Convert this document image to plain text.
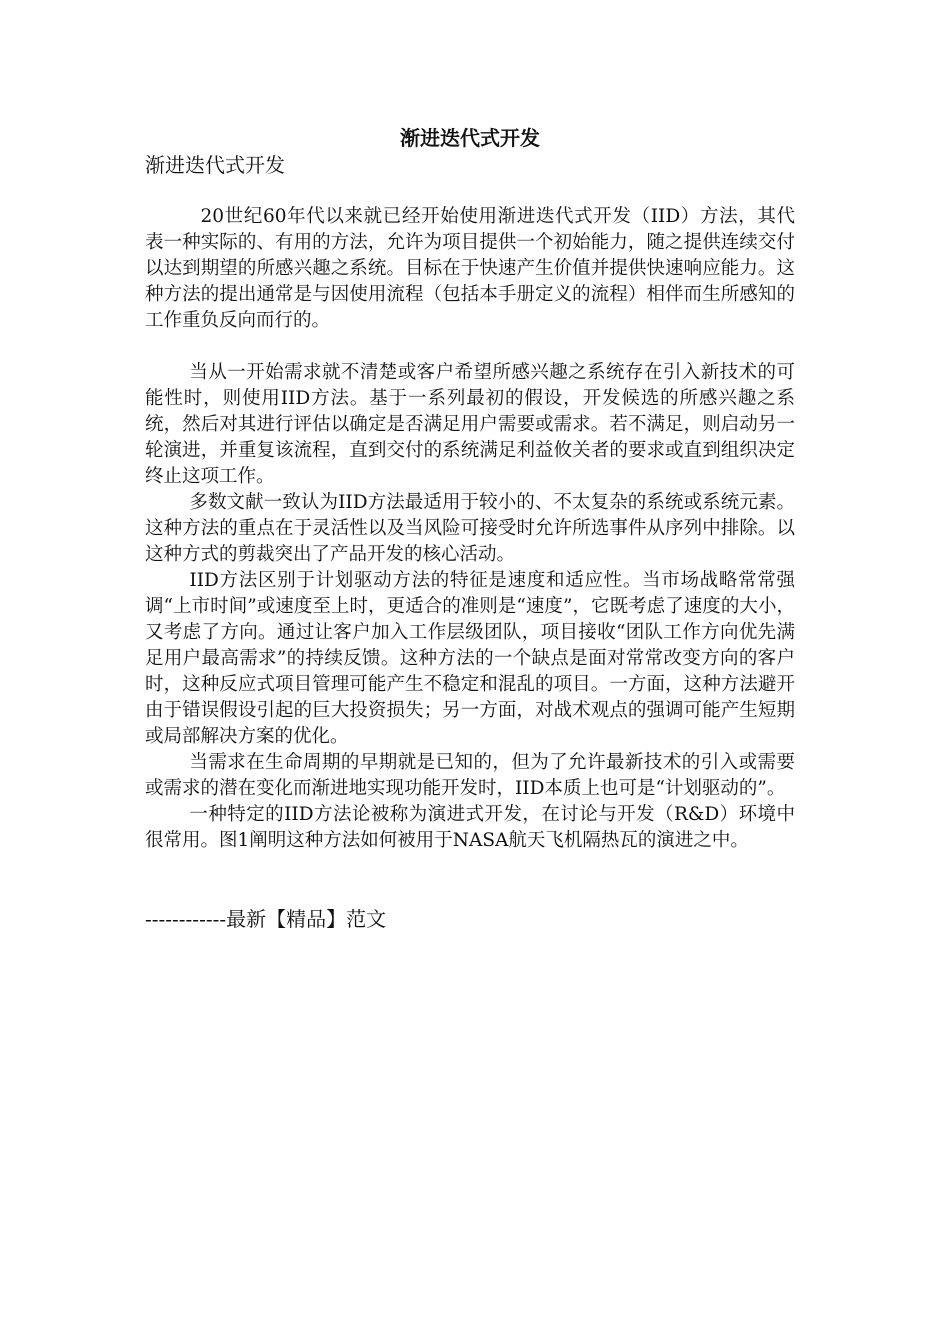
渐进迭代式开发

渐进迭代式开发

20世纪60年代以来就已经开始使用渐进迭代式开发（IID）方法，其代表一种实际的、有用的方法，允许为项目提供一个初始能力，随之提供连续交付以达到期望的所感兴趣之系统。目标在于快速产生价值并提供快速响应能力。这种方法的提出通常是与因使用流程（包括本手册定义的流程）相伴而生所感知的工作重负反向而行的。

当从一开始需求就不清楚或客户希望所感兴趣之系统存在引入新技术的可能性时，则使用IID方法。基于一系列最初的假设，开发候选的所感兴趣之系统，然后对其进行评估以确定是否满足用户需要或需求。若不满足，则启动另一轮演进，并重复该流程，直到交付的系统满足利益攸关者的要求或直到组织决定终止这项工作。

多数文献一致认为IID方法最适用于较小的、不太复杂的系统或系统元素。这种方法的重点在于灵活性以及当风险可接受时允许所选事件从序列中排除。以这种方式的剪裁突出了产品开发的核心活动。

IID方法区别于计划驱动方法的特征是速度和适应性。当市场战略常常强调“上市时间”或速度至上时，更适合的准则是“速度”，它既考虑了速度的大小，又考虑了方向。通过让客户加入工作层级团队，项目接收“团队工作方向优先满足用户最高需求”的持续反馈。这种方法的一个缺点是面对常常改变方向的客户时，这种反应式项目管理可能产生不稳定和混乱的项目。一方面，这种方法避开由于错误假设引起的巨大投资损失；另一方面，对战术观点的强调可能产生短期或局部解决方案的优化。

当需求在生命周期的早期就是已知的，但为了允许最新技术的引入或需要或需求的潜在变化而渐进地实现功能开发时，IID本质上也可是“计划驱动的”。

一种特定的IID方法论被称为演进式开发，在讨论与开发（R&D）环境中很常用。图1阐明这种方法如何被用于NASA航天飞机隔热瓦的演进之中。

------------最新【精品】范文
